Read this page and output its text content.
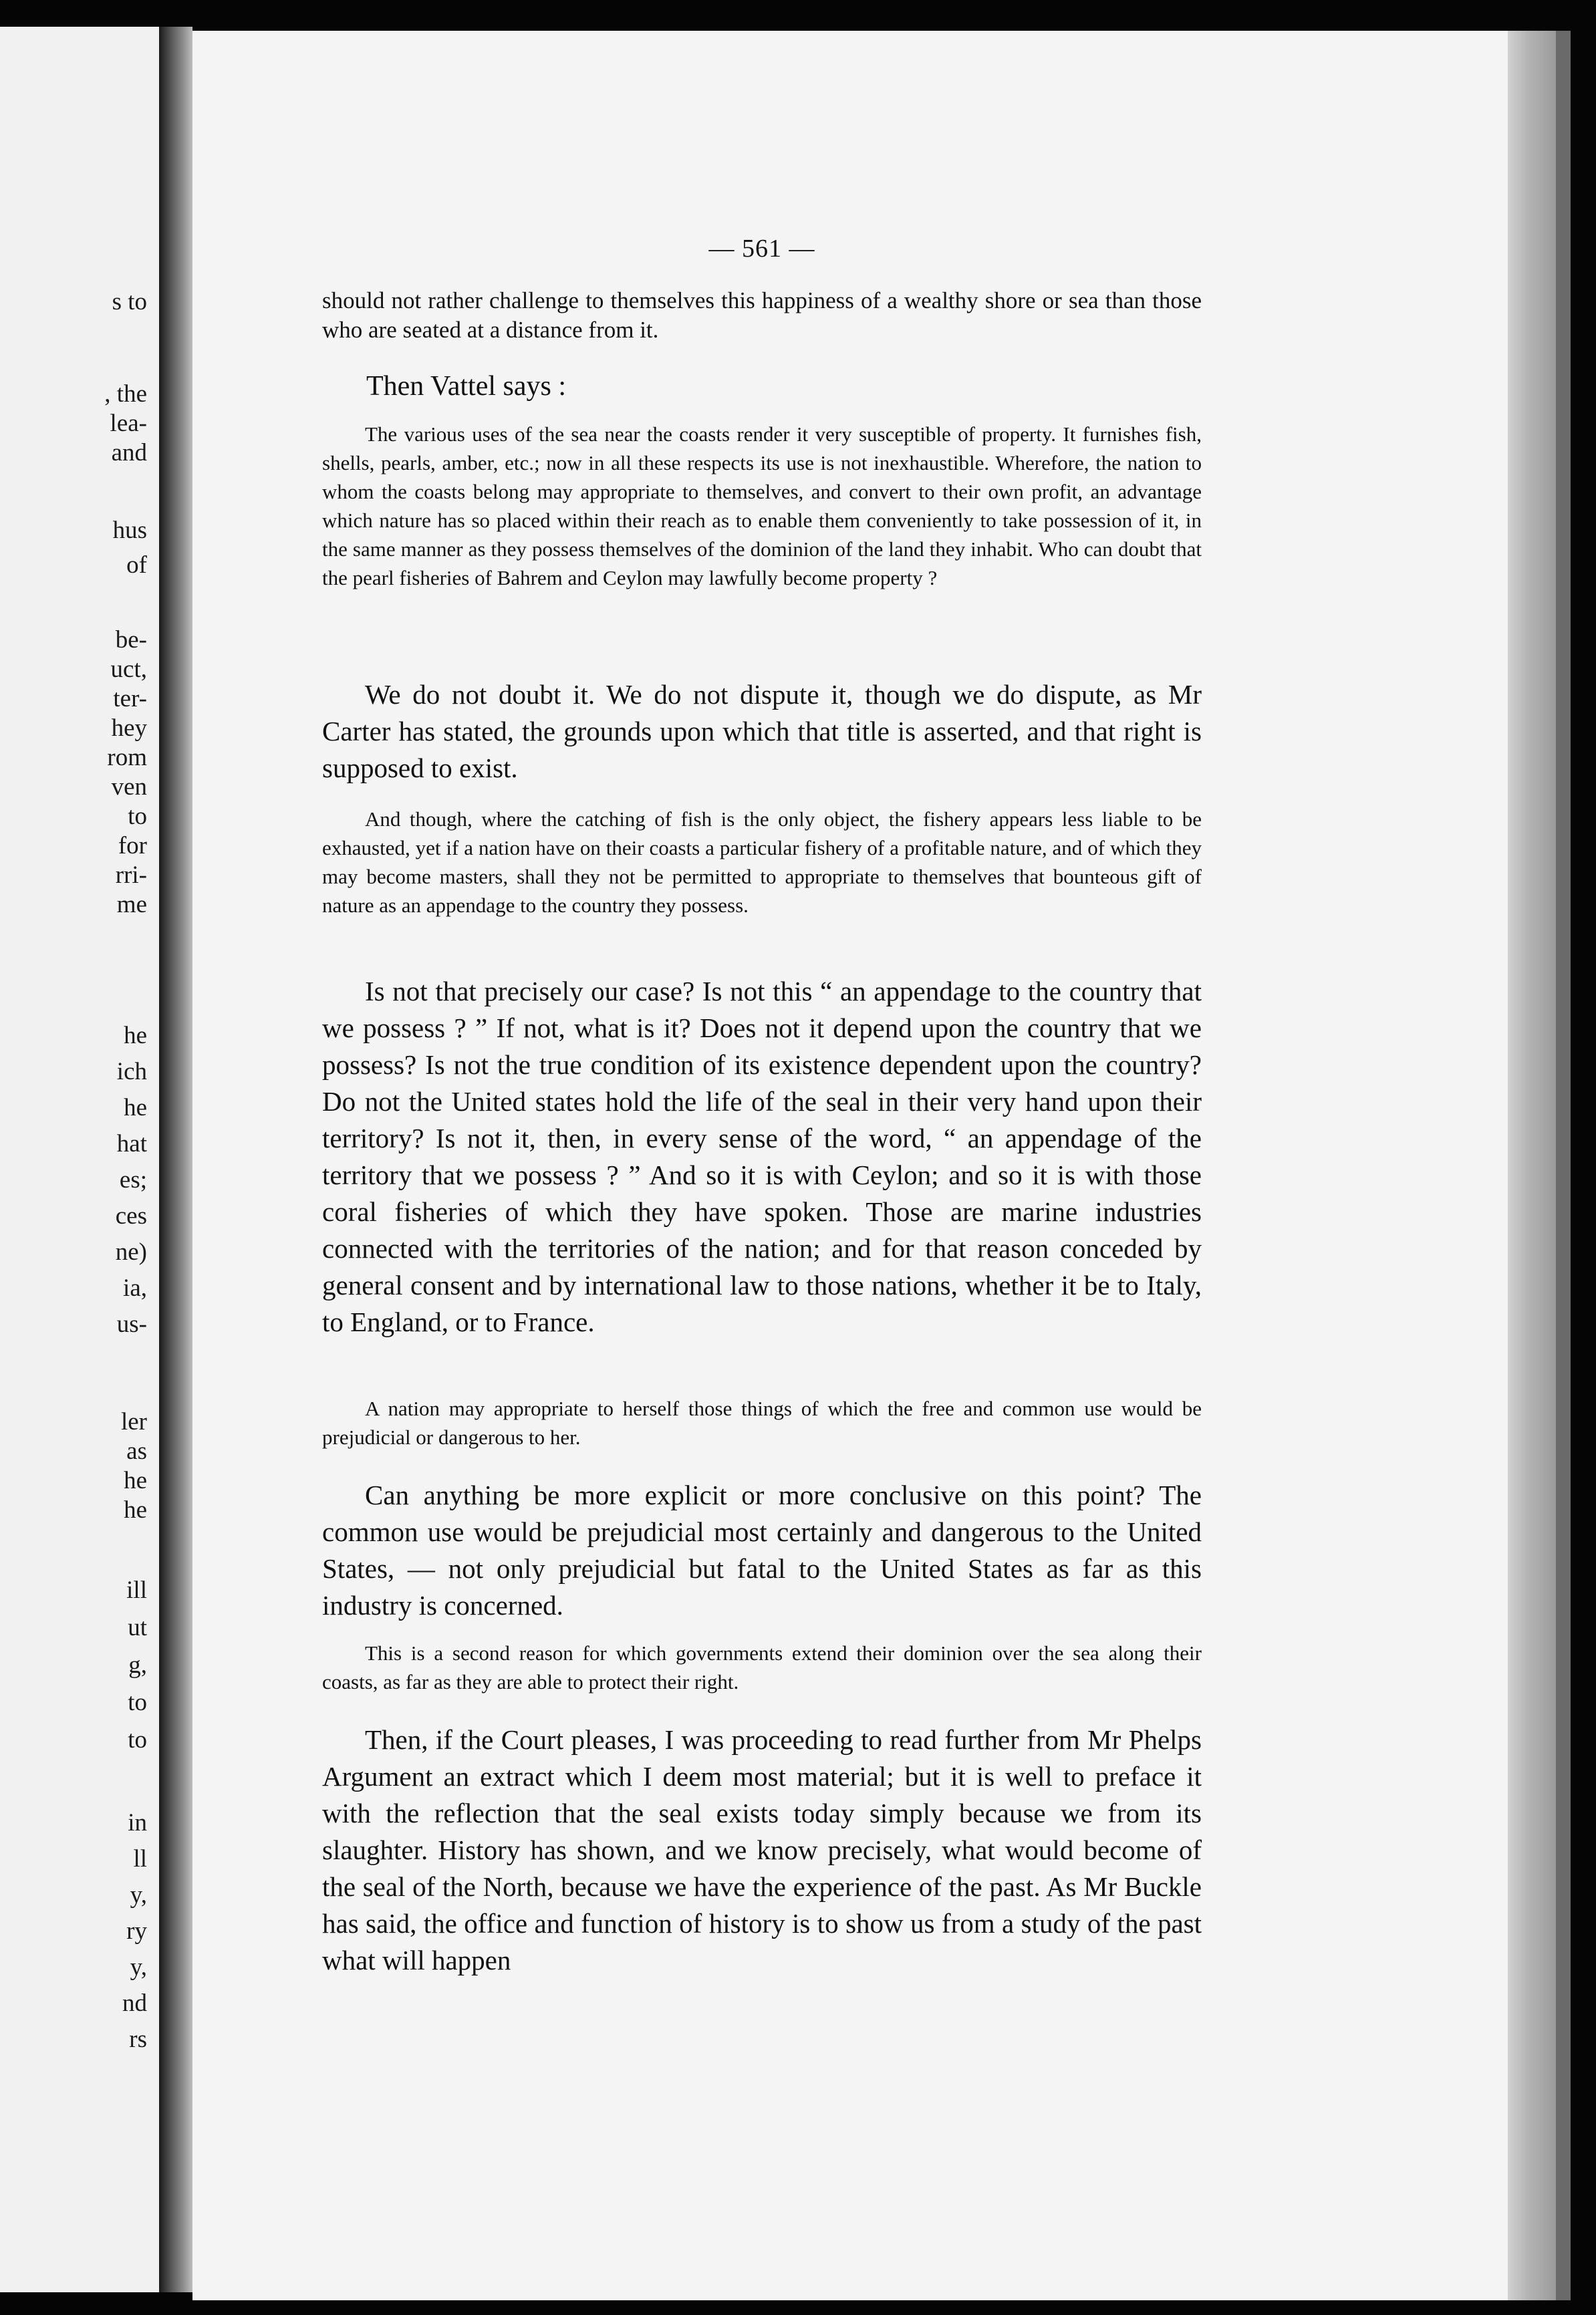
s to
, the
lea-
and
hus
of
be-
uct,
ter-
hey
rom
ven
to
for
rri-
me
he
ich
he
hat
es;
ces
ne)
ia,
us-
ler
as
he
he
ill
ut
g,
to
to
in
ll
y,
ry
y,
nd
rs
— 561 —
should not rather challenge to themselves this happiness of a wealthy shore or sea than those who are seated at a distance from it.
Then Vattel says :
The various uses of the sea near the coasts render it very susceptible of property. It furnishes fish, shells, pearls, amber, etc.; now in all these respects its use is not inexhaustible. Wherefore, the nation to whom the coasts belong may appropriate to themselves, and convert to their own profit, an advantage which nature has so placed within their reach as to enable them conveniently to take possession of it, in the same manner as they possess themselves of the dominion of the land they inhabit. Who can doubt that the pearl fisheries of Bahrem and Ceylon may lawfully become property ?
We do not doubt it. We do not dispute it, though we do dispute, as Mr Carter has stated, the grounds upon which that title is asserted, and that right is supposed to exist.
And though, where the catching of fish is the only object, the fishery appears less liable to be exhausted, yet if a nation have on their coasts a particular fishery of a profitable nature, and of which they may become masters, shall they not be permitted to appropriate to themselves that bounteous gift of nature as an appendage to the country they possess.
Is not that precisely our case? Is not this “ an appendage to the country that we possess ? ” If not, what is it? Does not it depend upon the country that we possess? Is not the true condition of its existence dependent upon the country? Do not the United states hold the life of the seal in their very hand upon their territory? Is not it, then, in every sense of the word, “ an appendage of the territory that we possess ? ” And so it is with Ceylon; and so it is with those coral fisheries of which they have spoken. Those are marine industries connected with the territories of the nation; and for that reason conceded by general consent and by international law to those nations, whether it be to Italy, to England, or to France.
A nation may appropriate to herself those things of which the free and common use would be prejudicial or dangerous to her.
Can anything be more explicit or more conclusive on this point? The common use would be prejudicial most certainly and dangerous to the United States, — not only prejudicial but fatal to the United States as far as this industry is concerned.
This is a second reason for which governments extend their dominion over the sea along their coasts, as far as they are able to protect their right.
Then, if the Court pleases, I was proceeding to read further from Mr Phelps Argument an extract which I deem most material; but it is well to preface it with the reflection that the seal exists today simply because we from its slaughter. History has shown, and we know precisely, what would become of the seal of the North, because we have the experience of the past. As Mr Buckle has said, the office and function of history is to show us from a study of the past what will happen
